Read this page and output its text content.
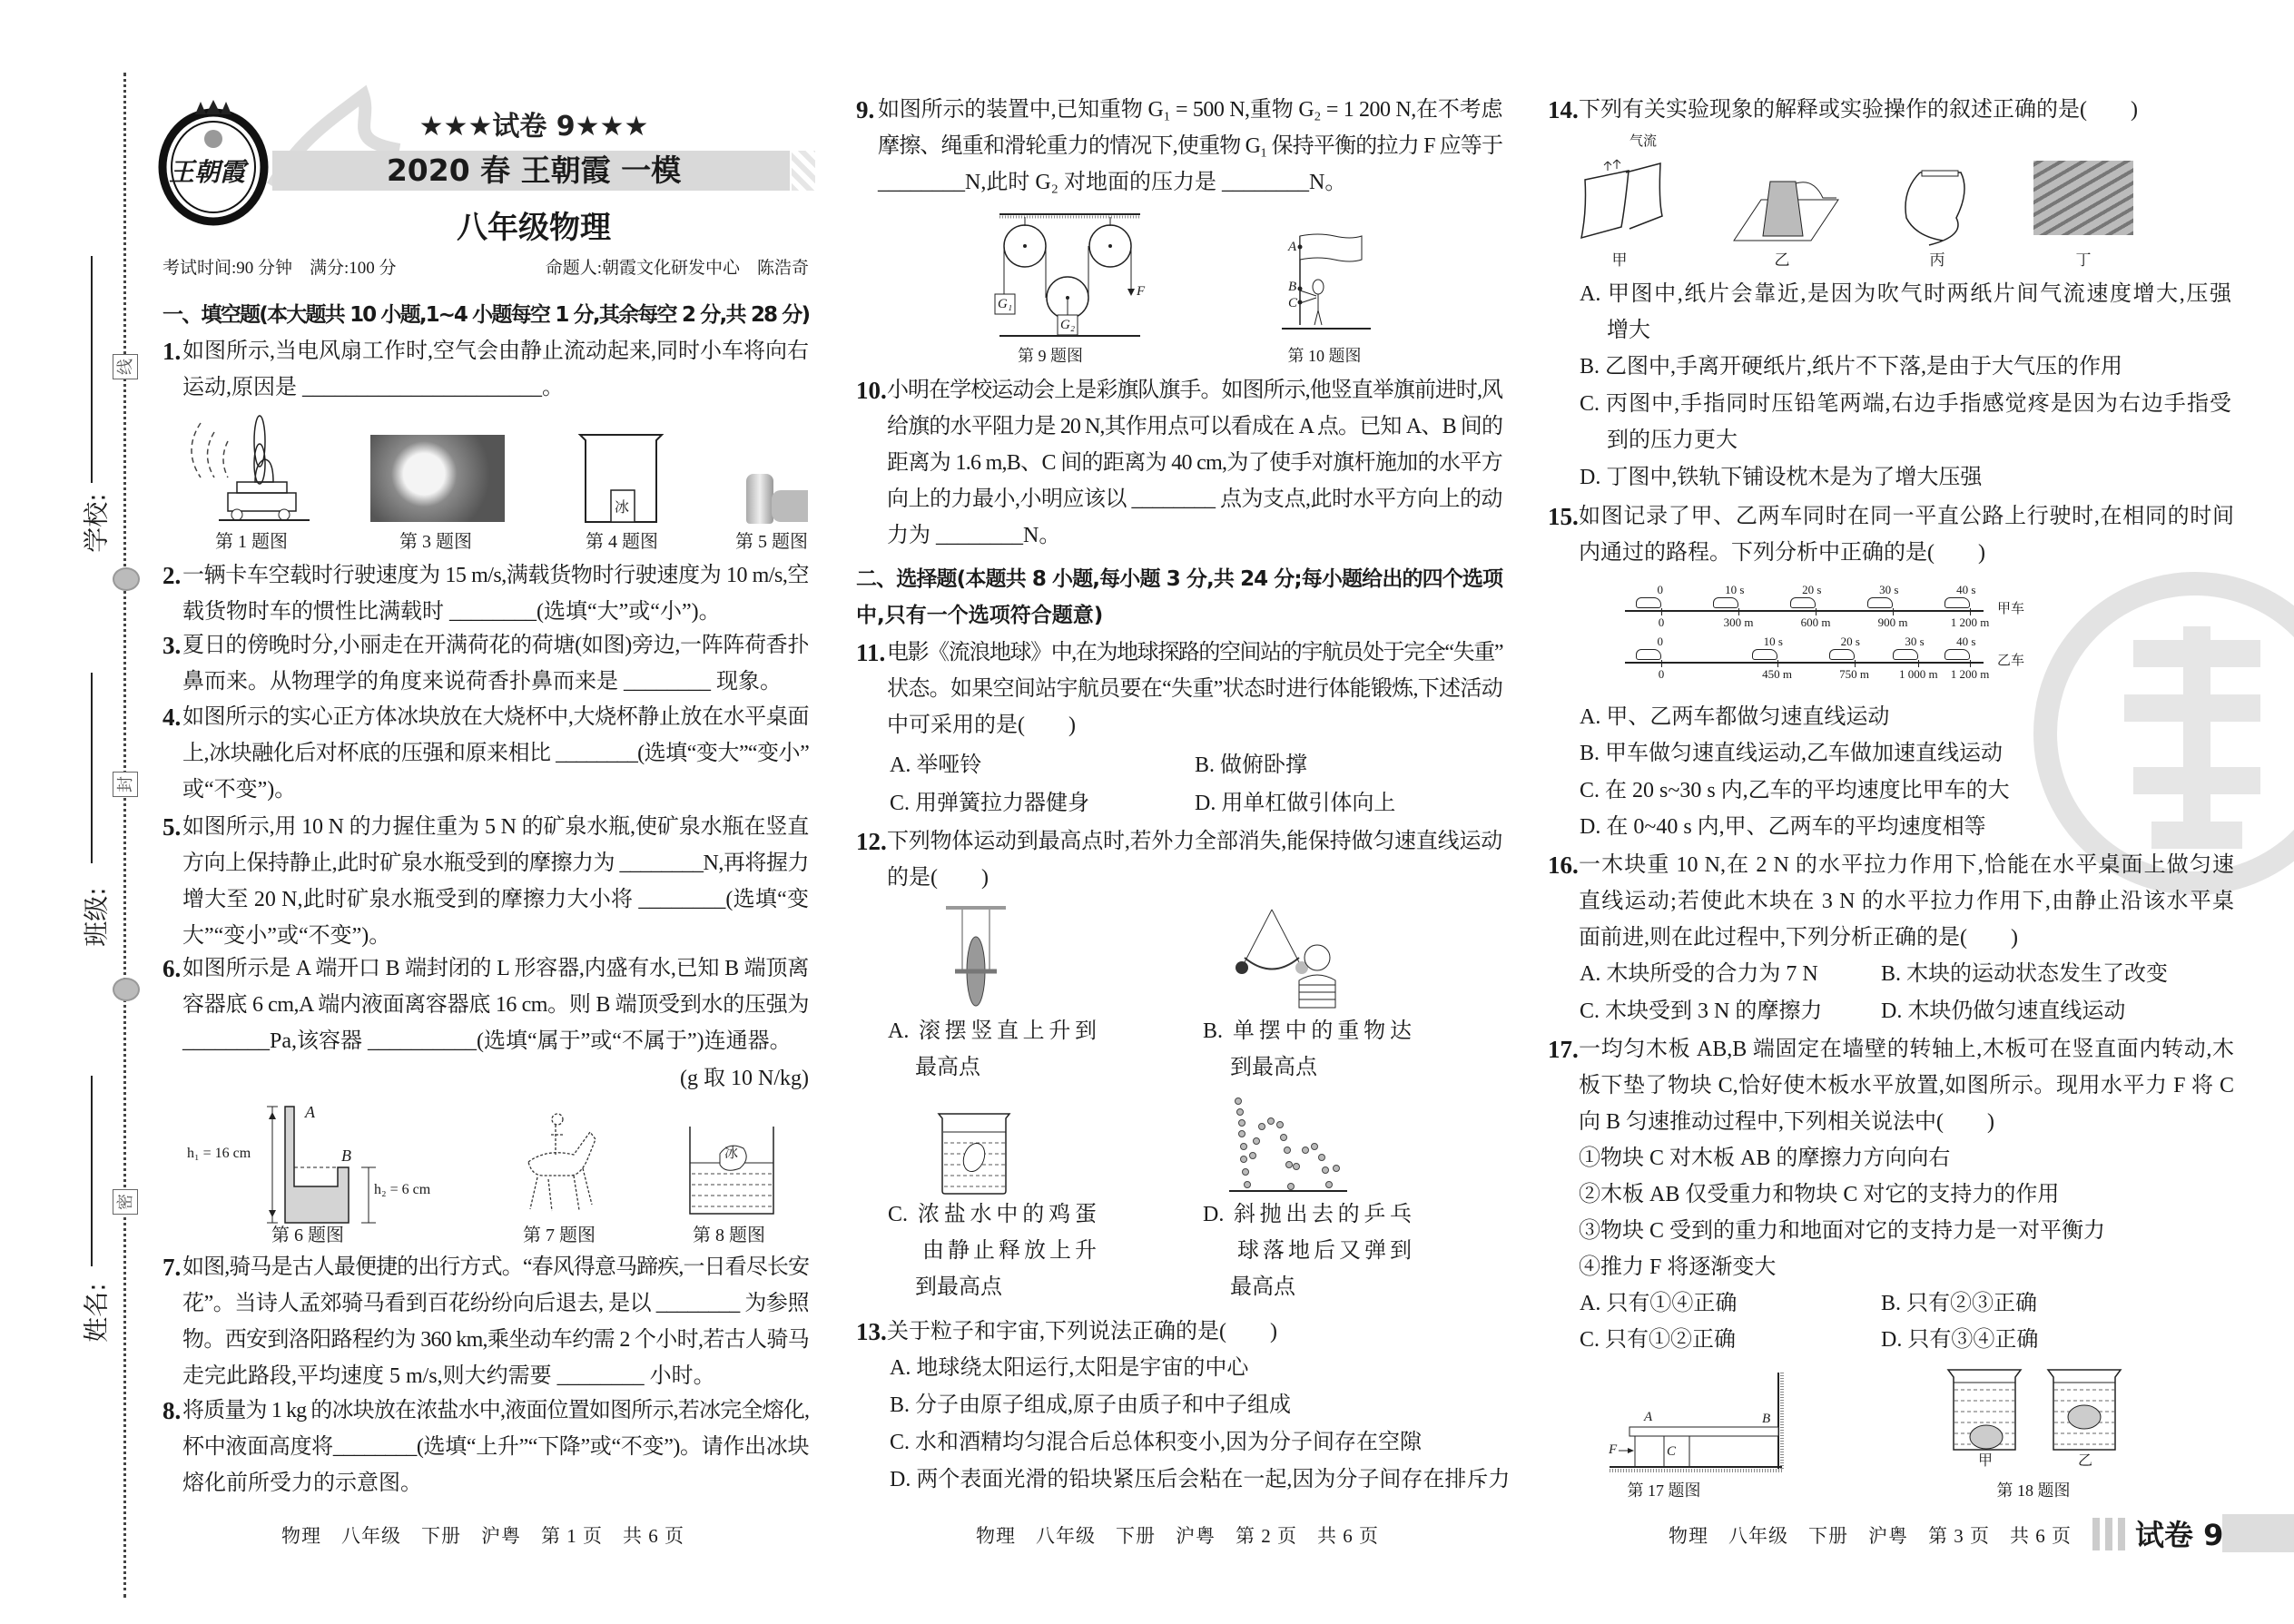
学校:
班级:
姓名:
线
封
密
王朝霞
★★★试卷 9★★★
2020 春 王朝霞 一模
八年级物理
考试时间:90 分钟　满分:100 分	命题人:朝霞文化研发中心　陈浩奇
一、填空题(本大题共 10 小题,1~4 小题每空 1 分,其余每空 2 分,共 28 分)
1. 如图所示,当电风扇工作时,空气会由静止流动起来,同时小车将向右
运动,原因是 ______________________。
冰
第 1 题图	第 3 题图	第 4 题图	第 5 题图
2. 一辆卡车空载时行驶速度为 15 m/s,满载货物时行驶速度为 10 m/s,空
载货物时车的惯性比满载时 ________(选填“大”或“小”)。
3. 夏日的傍晚时分,小丽走在开满荷花的荷塘(如图)旁边,一阵阵荷香扑
鼻而来。从物理学的角度来说荷香扑鼻而来是 ________ 现象。
4. 如图所示的实心正方体冰块放在大烧杯中,大烧杯静止放在水平桌面
上,冰块融化后对杯底的压强和原来相比 ________(选填“变大”“变小”
或“不变”)。
5. 如图所示,用 10 N 的力握住重为 5 N 的矿泉水瓶,使矿泉水瓶在竖直
方向上保持静止,此时矿泉水瓶受到的摩擦力为 ________N,再将握力
增大至 20 N,此时矿泉水瓶受到的摩擦力大小将 ________(选填“变
大”“变小”或“不变”)。
6. 如图所示是 A 端开口 B 端封闭的 L 形容器,内盛有水,已知 B 端顶离
容器底 6 cm,A 端内液面离容器底 16 cm。则 B 端顶受到水的压强为
________Pa,该容器 __________(选填“属于”或“不属于”)连通器。
(g 取 10 N/kg)
A
B
h₁ = 16 cm
h₂ = 6 cm
冰
第 6 题图	第 7 题图	第 8 题图
7. 如图,骑马是古人最便捷的出行方式。“春风得意马蹄疾,一日看尽长安
花”。当诗人孟郊骑马看到百花纷纷向后退去, 是以 ________ 为参照
物。西安到洛阳路程约为 360 km,乘坐动车约需 2 个小时,若古人骑马
走完此路段,平均速度 5 m/s,则大约需要 ________ 小时。
8. 将质量为 1 kg 的冰块放在浓盐水中,液面位置如图所示,若冰完全熔化,
杯中液面高度将________(选填“上升”“下降”或“不变”)。请作出冰块
熔化前所受力的示意图。
物理　八年级　下册　沪粤　第 1 页　共 6 页
9. 如图所示的装置中,已知重物 G₁ = 500 N,重物 G₂ = 1 200 N,在不考虑
摩擦、绳重和滑轮重力的情况下,使重物 G₁ 保持平衡的拉力 F 应等于
________N,此时 G₂ 对地面的压力是 ________N。
G₁
G₂
F
第 9 题图
A
B
C
第 10 题图
10. 小明在学校运动会上是彩旗队旗手。如图所示,他竖直举旗前进时,风
给旗的水平阻力是 20 N,其作用点可以看成在 A 点。已知 A、B 间的
距离为 1.6 m,B、C 间的距离为 40 cm,为了使手对旗杆施加的水平方
向上的力最小,小明应该以 ________ 点为支点,此时水平方向上的动
力为 ________N。
二、选择题(本题共 8 小题,每小题 3 分,共 24 分;每小题给出的四个选项
中,只有一个选项符合题意)
11. 电影《流浪地球》中,在为地球探路的空间站的宇航员处于完全“失重”
状态。如果空间站宇航员要在“失重”状态时进行体能锻炼,下述活动
中可采用的是(　　)
A. 举哑铃	B. 做俯卧撑
C. 用弹簧拉力器健身	D. 用单杠做引体向上
12. 下列物体运动到最高点时,若外力全部消失,能保持做匀速直线运动
的是(　　)
A. 滚摆竖直上升到
　 最高点
B. 单摆中的重物达
　 到最高点
C. 浓盐水中的鸡蛋
　 由静止释放上升
　 到最高点
D. 斜抛出去的乒乓
　 球落地后又弹到
　 最高点
13. 关于粒子和宇宙,下列说法正确的是(　　)
A. 地球绕太阳运行,太阳是宇宙的中心
B. 分子由原子组成,原子由质子和中子组成
C. 水和酒精均匀混合后总体积变小,因为分子间存在空隙
D. 两个表面光滑的铅块紧压后会粘在一起,因为分子间存在排斥力
物理　八年级　下册　沪粤　第 2 页　共 6 页
14. 下列有关实验现象的解释或实验操作的叙述正确的是(　　)
气流
甲	乙	丙	丁
A. 甲图中,纸片会靠近,是因为吹气时两纸片间气流速度增大,压强
　 增大
B. 乙图中,手离开硬纸片,纸片不下落,是由于大气压的作用
C. 丙图中,手指同时压铅笔两端,右边手指感觉疼是因为右边手指受
　 到的压力更大
D. 丁图中,铁轨下铺设枕木是为了增大压强
15. 如图记录了甲、乙两车同时在同一平直公路上行驶时,在相同的时间
内通过的路程。下列分析中正确的是(　　)
甲车
0
0
10 s
300 m
20 s
600 m
30 s
900 m
40 s
1 200 m
乙车
0
0
10 s
450 m
20 s
750 m
30 s
1 000 m
40 s
1 200 m
A. 甲、乙两车都做匀速直线运动
B. 甲车做匀速直线运动,乙车做加速直线运动
C. 在 20 s~30 s 内,乙车的平均速度比甲车的大
D. 在 0~40 s 内,甲、乙两车的平均速度相等
16. 一木块重 10 N,在 2 N 的水平拉力作用下,恰能在水平桌面上做匀速
直线运动;若使此木块在 3 N 的水平拉力作用下,由静止沿该水平桌
面前进,则在此过程中,下列分析正确的是(　　)
A. 木块所受的合力为 7 N	B. 木块的运动状态发生了改变
C. 木块受到 3 N 的摩擦力	D. 木块仍做匀速直线运动
17. 一均匀木板 AB,B 端固定在墙壁的转轴上,木板可在竖直面内转动,木
板下垫了物块 C,恰好使木板水平放置,如图所示。现用水平力 F 将 C
向 B 匀速推动过程中,下列相关说法中(　　)
①物块 C 对木板 AB 的摩擦力方向向右
②木板 AB 仅受重力和物块 C 对它的支持力的作用
③物块 C 受到的重力和地面对它的支持力是一对平衡力
④推力 F 将逐渐变大
A. 只有①④正确	B. 只有②③正确
C. 只有①②正确	D. 只有③④正确
A	B
F	C
第 17 题图
甲	乙
第 18 题图
物理　八年级　下册　沪粤　第 3 页　共 6 页 试卷 9
